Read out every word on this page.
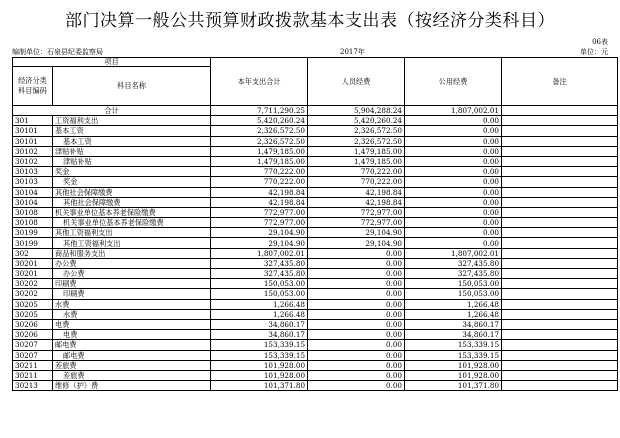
部门决算一般公共预算财政拨款基本支出表（按经济分类科目）
06表
编制单位：石泉县纪委监察局	2017年	单位：元
项目		本年支出合计	人员经费	公用经费	备注
经济分类科目编码	科目名称				
合计		7,711,290.25	5,904,288.24	1,807,002.01	
301	工资福利支出	5,420,260.24	5,420,260.24	0.00	
30101	基本工资	2,326,572.50	2,326,572.50	0.00	
30101	基本工资	2,326,572.50	2,326,572.50	0.00	
30102	津贴补贴	1,479,185.00	1,479,185.00	0.00	
30102	津贴补贴	1,479,185.00	1,479,185.00	0.00	
30103	奖金	770,222.00	770,222.00	0.00	
30103	奖金	770,222.00	770,222.00	0.00	
30104	其他社会保障缴费	42,198.84	42,198.84	0.00	
30104	其他社会保障缴费	42,198.84	42,198.84	0.00	
30108	机关事业单位基本养老保险缴费	772,977.00	772,977.00	0.00	
30108	机关事业单位基本养老保险缴费	772,977.00	772,977.00	0.00	
30199	其他工资福利支出	29,104.90	29,104.90	0.00	
30199	其他工资福利支出	29,104.90	29,104.90	0.00	
302	商品和服务支出	1,807,002.01	0.00	1,807,002.01	
30201	办公费	327,435.80	0.00	327,435.80	
30201	办公费	327,435.80	0.00	327,435.80	
30202	印刷费	150,053.00	0.00	150,053.00	
30202	印刷费	150,053.00	0.00	150,053.00	
30205	水费	1,266.48	0.00	1,266.48	
30205	水费	1,266.48	0.00	1,266.48	
30206	电费	34,860.17	0.00	34,860.17	
30206	电费	34,860.17	0.00	34,860.17	
30207	邮电费	153,339.15	0.00	153,339.15	
30207	邮电费	153,339.15	0.00	153,339.15	
30211	差旅费	101,928.00	0.00	101,928.00	
30211	差旅费	101,928.00	0.00	101,928.00	
30213	维修（护）费	101,371.80	0.00	101,371.80	
